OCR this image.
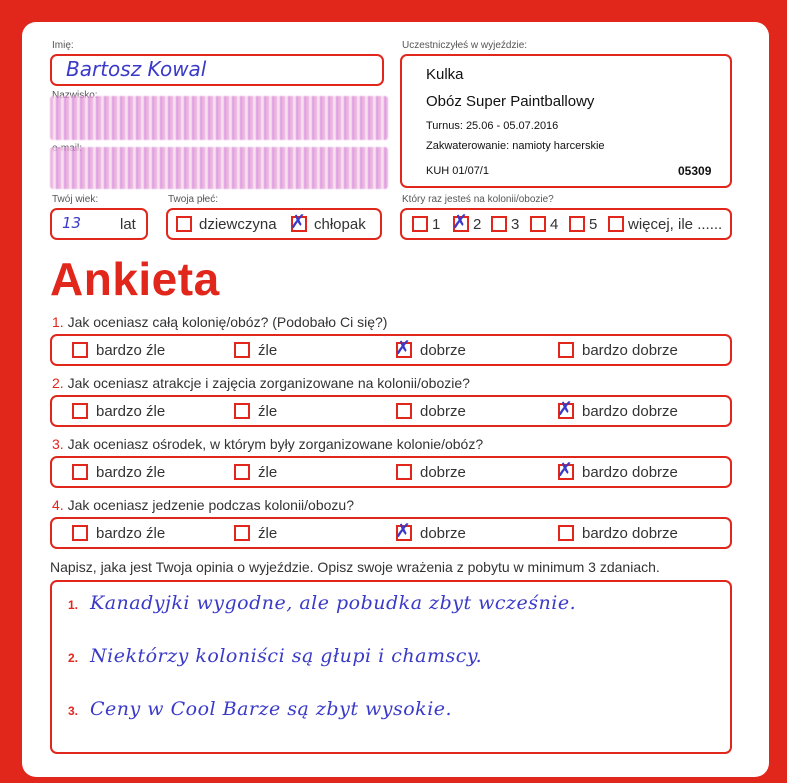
Imię:
Bartosz Kowal
Twój wiek:
13	lat
Twoja płeć:
dziewczyna ✗ chłopak
Uczestniczyłeś w wyjeździe:
Kulka
Obóz Super Paintballowy
Turnus: 25.06 - 05.07.2016
Zakwaterowanie: namioty harcerskie
KUH 01/07/1	05309
Który raz jesteś na kolonii/obozie?
1 ✗ 2 3 4 5 więcej, ile ......
Ankieta
1. Jak oceniasz całą kolonię/obóz? (Podobało Ci się?)
bardzo źle	źle	✗ dobrze	bardzo dobrze
2. Jak oceniasz atrakcje i zajęcia zorganizowane na kolonii/obozie?
bardzo źle	źle	dobrze	✗ bardzo dobrze
3. Jak oceniasz ośrodek, w którym były zorganizowane kolonie/obóz?
bardzo źle	źle	dobrze	✗ bardzo dobrze
4. Jak oceniasz jedzenie podczas kolonii/obozu?
bardzo źle	źle	✗ dobrze	bardzo dobrze
Napisz, jaka jest Twoja opinia o wyjeździe. Opisz swoje wrażenia z pobytu w minimum 3 zdaniach.
1. Kanadyjki wygodne, ale pobudka zbyt wcześnie.
2. Niektórzy koloniści są głupi i chamscy.
3. Ceny w Cool Barze są zbyt wysokie.
